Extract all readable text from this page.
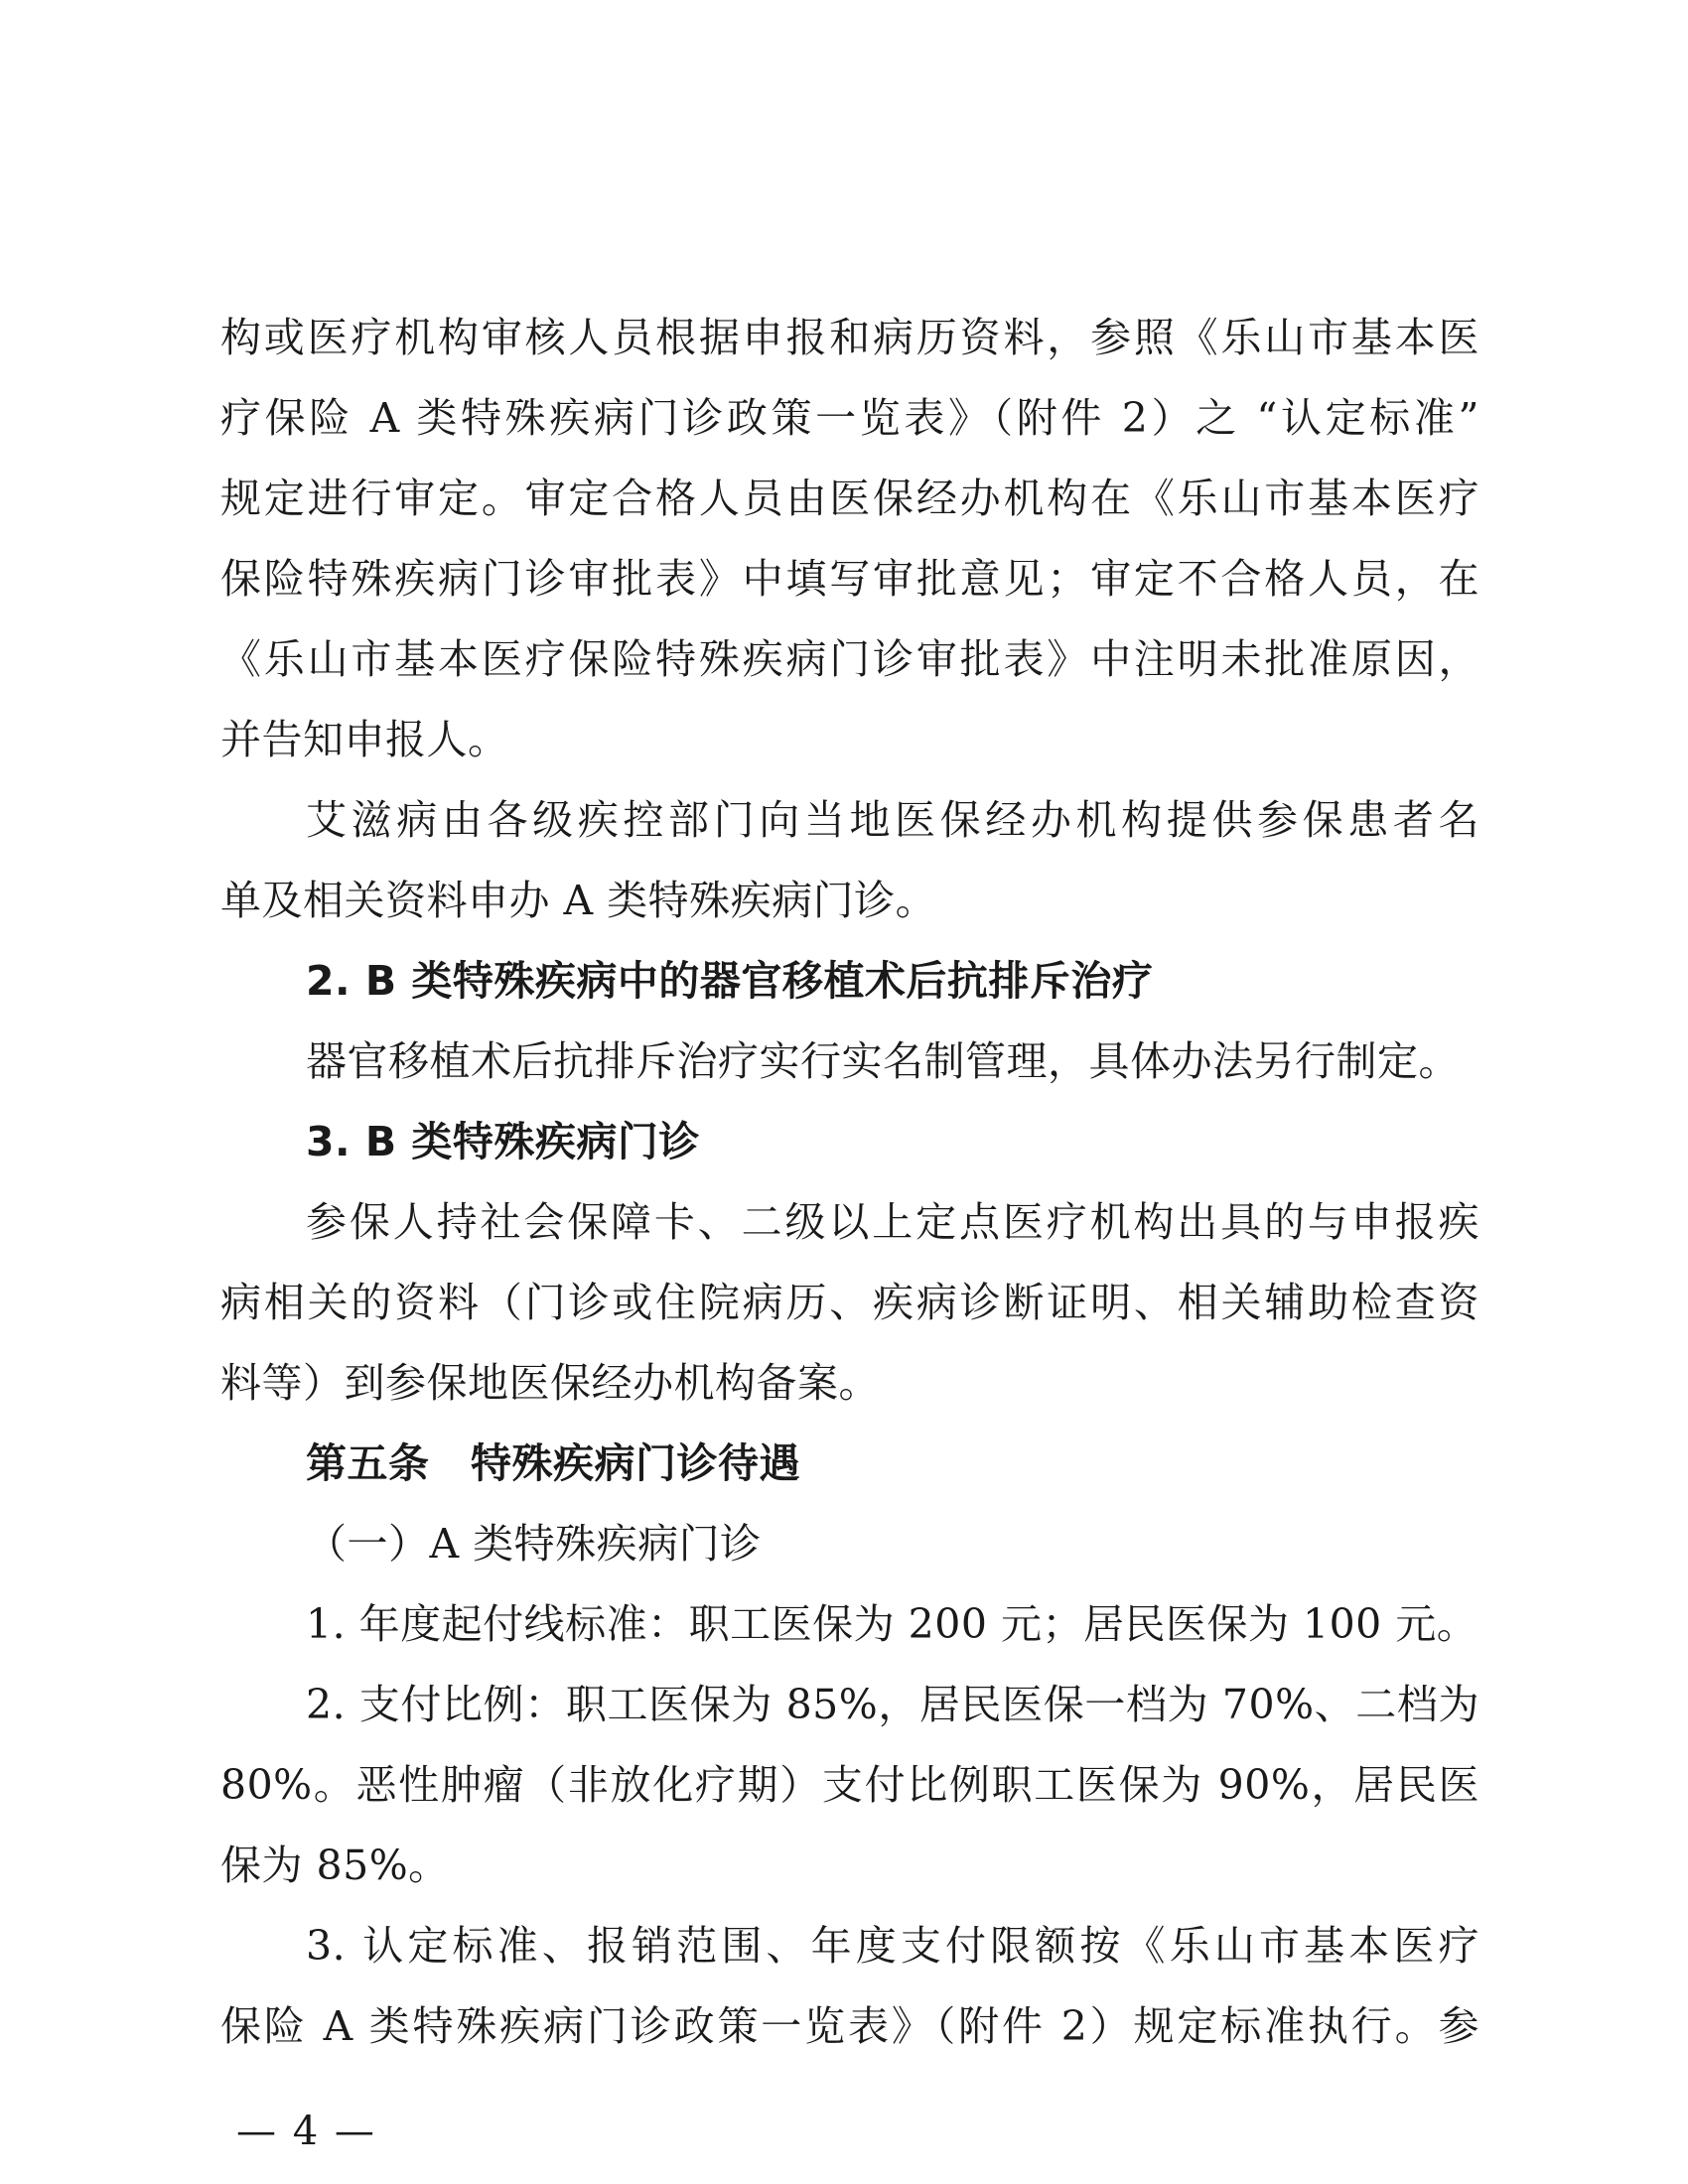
构或医疗机构审核人员根据申报和病历资料，参照《乐山市基本医
疗保险 A 类特殊疾病门诊政策一览表》（附件 2）之 “认定标准”
规定进行审定。审定合格人员由医保经办机构在《乐山市基本医疗
保险特殊疾病门诊审批表》中填写审批意见；审定不合格人员，在
《乐山市基本医疗保险特殊疾病门诊审批表》中注明未批准原因，
并告知申报人。
艾滋病由各级疾控部门向当地医保经办机构提供参保患者名
单及相关资料申办 A 类特殊疾病门诊。
2. B 类特殊疾病中的器官移植术后抗排斥治疗
器官移植术后抗排斥治疗实行实名制管理，具体办法另行制定。
3. B 类特殊疾病门诊
参保人持社会保障卡、二级以上定点医疗机构出具的与申报疾
病相关的资料（门诊或住院病历、疾病诊断证明、相关辅助检查资
料等）到参保地医保经办机构备案。
第五条　特殊疾病门诊待遇
（一）A 类特殊疾病门诊
1. 年度起付线标准：职工医保为 200 元；居民医保为 100 元。
2. 支付比例：职工医保为 85%，居民医保一档为 70%、二档为
80%。恶性肿瘤（非放化疗期）支付比例职工医保为 90%，居民医
保为 85%。
3. 认定标准、报销范围、年度支付限额按《乐山市基本医疗
保险 A 类特殊疾病门诊政策一览表》（附件 2）规定标准执行。参
— 4 —
